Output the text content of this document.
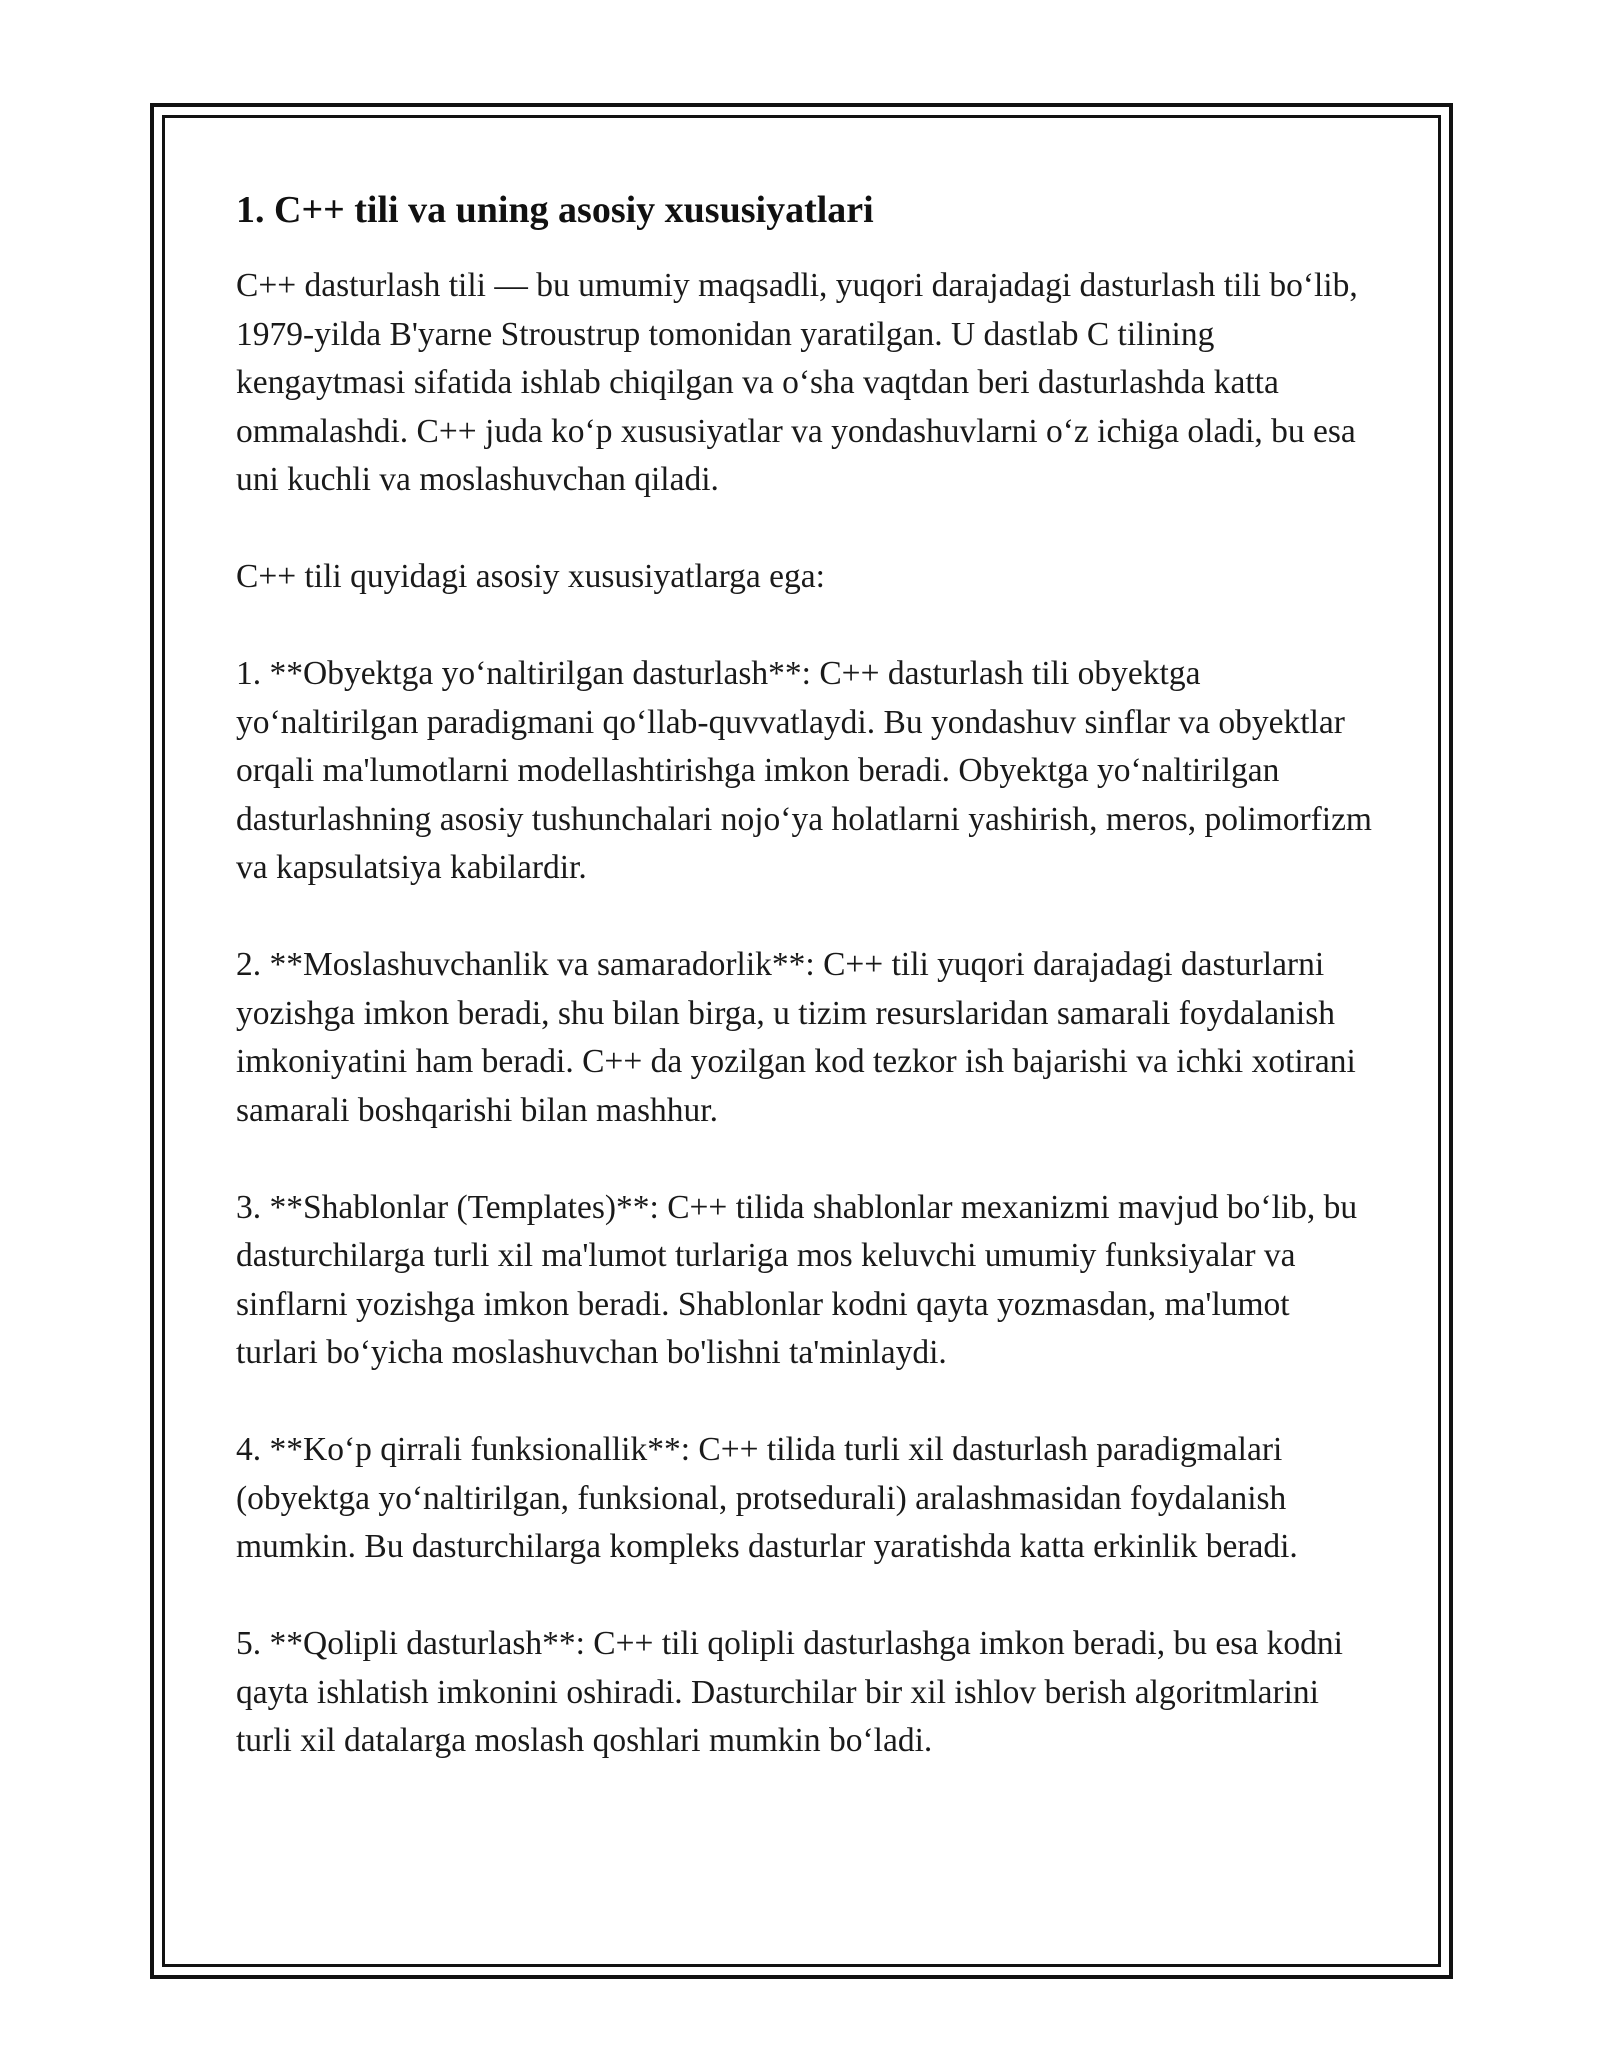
1. C++ tili va uning asosiy xususiyatlari

C++ dasturlash tili — bu umumiy maqsadli, yuqori darajadagi dasturlash tili bo‘lib, 1979-yilda B'yarne Stroustrup tomonidan yaratilgan. U dastlab C tilining kengaytmasi sifatida ishlab chiqilgan va o‘sha vaqtdan beri dasturlashda katta ommalashdi. C++ juda ko‘p xususiyatlar va yondashuvlarni o‘z ichiga oladi, bu esa uni kuchli va moslashuvchan qiladi.

C++ tili quyidagi asosiy xususiyatlarga ega:

1. **Obyektga yo‘naltirilgan dasturlash**: C++ dasturlash tili obyektga yo‘naltirilgan paradigmani qo‘llab-quvvatlaydi. Bu yondashuv sinflar va obyektlar orqali ma'lumotlarni modellashtirishga imkon beradi. Obyektga yo‘naltirilgan dasturlashning asosiy tushunchalari nojo‘ya holatlarni yashirish, meros, polimorfizm va kapsulatsiya kabilardir.

2. **Moslashuvchanlik va samaradorlik**: C++ tili yuqori darajadagi dasturlarni yozishga imkon beradi, shu bilan birga, u tizim resurslaridan samarali foydalanish imkoniyatini ham beradi. C++ da yozilgan kod tezkor ish bajarishi va ichki xotirani samarali boshqarishi bilan mashhur.

3. **Shablonlar (Templates)**: C++ tilida shablonlar mexanizmi mavjud bo‘lib, bu dasturchilarga turli xil ma'lumot turlariga mos keluvchi umumiy funksiyalar va sinflarni yozishga imkon beradi. Shablonlar kodni qayta yozmasdan, ma'lumot turlari bo‘yicha moslashuvchan bo'lishni ta'minlaydi.

4. **Ko‘p qirrali funksionallik**: C++ tilida turli xil dasturlash paradigmalari (obyektga yo‘naltirilgan, funksional, protsedurali) aralashmasidan foydalanish mumkin. Bu dasturchilarga kompleks dasturlar yaratishda katta erkinlik beradi.

5. **Qolipli dasturlash**: C++ tili qolipli dasturlashga imkon beradi, bu esa kodni qayta ishlatish imkonini oshiradi. Dasturchilar bir xil ishlov berish algoritmlarini turli xil datalarga moslash qoshlari mumkin bo‘ladi.
